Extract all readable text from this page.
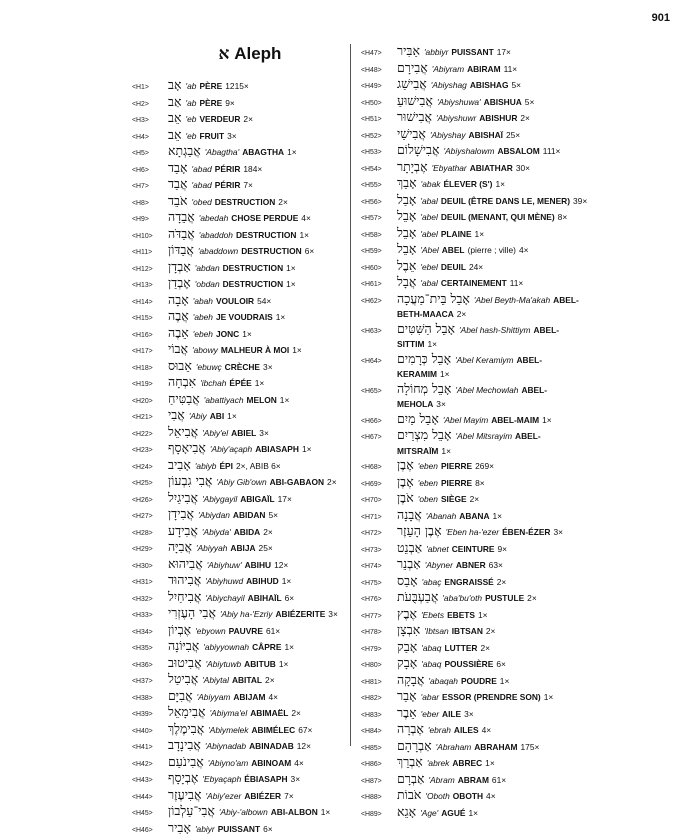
901
א Aleph
<H1>	אָב 'ab PÈRE 1215×
<H2>	אַב 'ab PÈRE 9×
<H3>	אֵב 'eb VERDEUR 2×
<H4>	אֵב 'eb FRUIT 3×
<H5>	אֲבַגְתָא 'Abagtha' ABAGTHA 1×
<H6>	אָבַד 'abad PÉRIR 184×
<H7>	אֲבַד 'abad PÉRIR 7×
<H8>	אֹבֵד 'obed DESTRUCTION 2×
<H9>	אֲבֵדָה 'abedah CHOSE PERDUE 4×
<H10>	אֲבַדֹּה 'abaddoh DESTRUCTION 1×
<H11>	אֲבַדּוֹן 'abaddown DESTRUCTION 6×
<H12>	אַבְדָן 'abdan DESTRUCTION 1×
<H13>	אׇבְדַן 'obdan DESTRUCTION 1×
<H14>	אָבָה 'abah VOULOIR 54×
<H15>	אֲבֶה 'abeh JE VOUDRAIS 1×
<H16>	אֵבֶה 'ebeh JONC 1×
<H17>	אֲבוֹי 'abowy MALHEUR À MOI 1×
<H18>	אֵבוּס 'ebuwç CRÈCHE 3×
<H19>	אִבְחָה 'ibchah ÉPÉE 1×
<H20>	אֲבַטִּיחַ 'abattiyach MELON 1×
<H21>	אֲבִי 'Abiy ABI 1×
<H22>	אֲבִיאֵל 'Abiy'el ABIEL 3×
<H23>	אֲבִיאָסָף 'Abiy'açaph ABIASAPH 1×
<H24>	אָבִיב 'abiyb ÉPI 2×, ABIB 6×
<H25>	אֲבִי גִבְעוֹן 'Abiy Gib'own ABI-GABAON 2×
<H26>	אֲבִיגַיִל 'Abiygayil ABIGAÏL 17×
<H27>	אֲבִידָן 'Abiydan ABIDAN 5×
<H28>	אֲבִידָע 'Abiyda' ABIDA 2×
<H29>	אֲבִיָּה 'Abiyyah ABIJA 25×
<H30>	אֲבִיהוּא 'Abiyhuw' ABIHU 12×
<H31>	אֲבִיהוּד 'Abiyhuwd ABIHUD 1×
<H32>	אֲבִיחַיִל 'Abiychayil ABIHAÏL 6×
<H33>	אֲבִי הָעֶזְרִי 'Abiy ha-'Ezriy ABIÉZERITE 3×
<H34>	אֶבְיוֹן 'ebyown PAUVRE 61×
<H35>	אֲבִיּוֹנָה 'abiyyownah CÂPRE 1×
<H36>	אֲבִיטוּב 'Abiytuwb ABITUB 1×
<H37>	אֲבִיטַל 'Abiytal ABITAL 2×
<H38>	אֲבִיָּם 'Abiyyam ABIJAM 4×
<H39>	אֲבִימָאֵל 'Abiyma'el ABIMAËL 2×
<H40>	אֲבִימֶלֶךְ 'Abiymelek ABIMÉLEC 67×
<H41>	אֲבִינָדָב 'Abiynadab ABINADAB 12×
<H42>	אֲבִינֹעַם 'Abiyno'am ABINOAM 4×
<H43>	אֶבְיָסָף 'Ebyaçaph ÉBIASAPH 3×
<H44>	אֲבִיעֶזֶר 'Abiy'ezer ABIÉZER 7×
<H45>	אֲבִי־עַלְבוֹן 'Abiy-'albown ABI-ALBON 1×
<H46>	אָבִיר 'abiyr PUISSANT 6×
<H47>	אַבִּיר 'abbiyr PUISSANT 17×
<H48>	אֲבִירָם 'Abiyram ABIRAM 11×
<H49>	אֲבִישַׁג 'Abiyshag ABISHAG 5×
<H50>	אֲבִישׁוּעַ 'Abiyshuwa' ABISHUA 5×
<H51>	אֲבִישׁוּר 'Abiyshuwr ABISHUR 2×
<H52>	אֲבִישַׁי 'Abiyshay ABISHAÏ 25×
<H53>	אֲבִישָׁלוֹם 'Abiyshalowm ABSALOM 111×
<H54>	אֶבְיָתָר 'Ebyathar ABIATHAR 30×
<H55>	אָבַךְ 'abak ÉLEVER (S') 1×
<H56>	אָבַל 'abal DEUIL (ÊTRE DANS LE, MENER) 39×
<H57>	אָבֵל 'abel DEUIL (MENANT, QUI MÈNE) 8×
<H58>	אָבֵל 'abel PLAINE 1×
<H59>	אָבֵל 'Abel ABEL (pierre ; ville) 4×
<H60>	אֵבֶל 'ebel DEUIL 24×
<H61>	אֲבָל 'abal CERTAINEMENT 11×
<H62>	אָבֵל בֵּית־מַעֲכָה 'Abel Beyth-Ma'akah ABEL-
BETH-MAACA 2×
<H63>	אָבֵל הַשִּׁטִּים 'Abel hash-Shittiym ABEL-
SITTIM 1×
<H64>	אָבֵל כְּרָמִים 'Abel Keramiym ABEL-
KERAMIM 1×
<H65>	אָבֵל מְחוֹלָה 'Abel Mechowlah ABEL-
MEHOLA 3×
<H66>	אָבֵל מַיִם 'Abel Mayim ABEL-MAIM 1×
<H67>	אָבֵל מִצְרַיִם 'Abel Mitsrayim ABEL-
MITSRAÏM 1×
<H68>	אֶבֶן 'eben PIERRE 269×
<H69>	אֶבֶן 'eben PIERRE 8×
<H70>	אֹבֶן 'oben SIÈGE 2×
<H71>	אֲבָנָה 'Abanah ABANA 1×
<H72>	אֶבֶן הָעֵזֶר 'Eben ha-'ezer ÉBEN-ÉZER 3×
<H73>	אַבְנֵט 'abnet CEINTURE 9×
<H74>	אַבְנֵר 'Abyner ABNER 63×
<H75>	אָבַס 'abaç ENGRAISSÉ 2×
<H76>	אֲבַעְבֻּעֹת 'aba'bu'oth PUSTULE 2×
<H77>	אֶבֶץ 'Ebets EBETS 1×
<H78>	אִבְצָן 'Ibtsan IBTSAN 2×
<H79>	אָבַק 'abaq LUTTER 2×
<H80>	אָבָק 'abaq POUSSIÈRE 6×
<H81>	אֲבָקָה 'abaqah POUDRE 1×
<H82>	אָבַר 'abar ESSOR (PRENDRE SON) 1×
<H83>	אֵבֶר 'eber AILE 3×
<H84>	אֶבְרָה 'ebrah AILES 4×
<H85>	אַבְרָהָם 'Abraham ABRAHAM 175×
<H86>	אַבְרֵךְ 'abrek ABREC 1×
<H87>	אַבְרָם 'Abram ABRAM 61×
<H88>	אֹבוֹת 'Oboth OBOTH 4×
<H89>	אָגֵא 'Age' AGUÉ 1×
